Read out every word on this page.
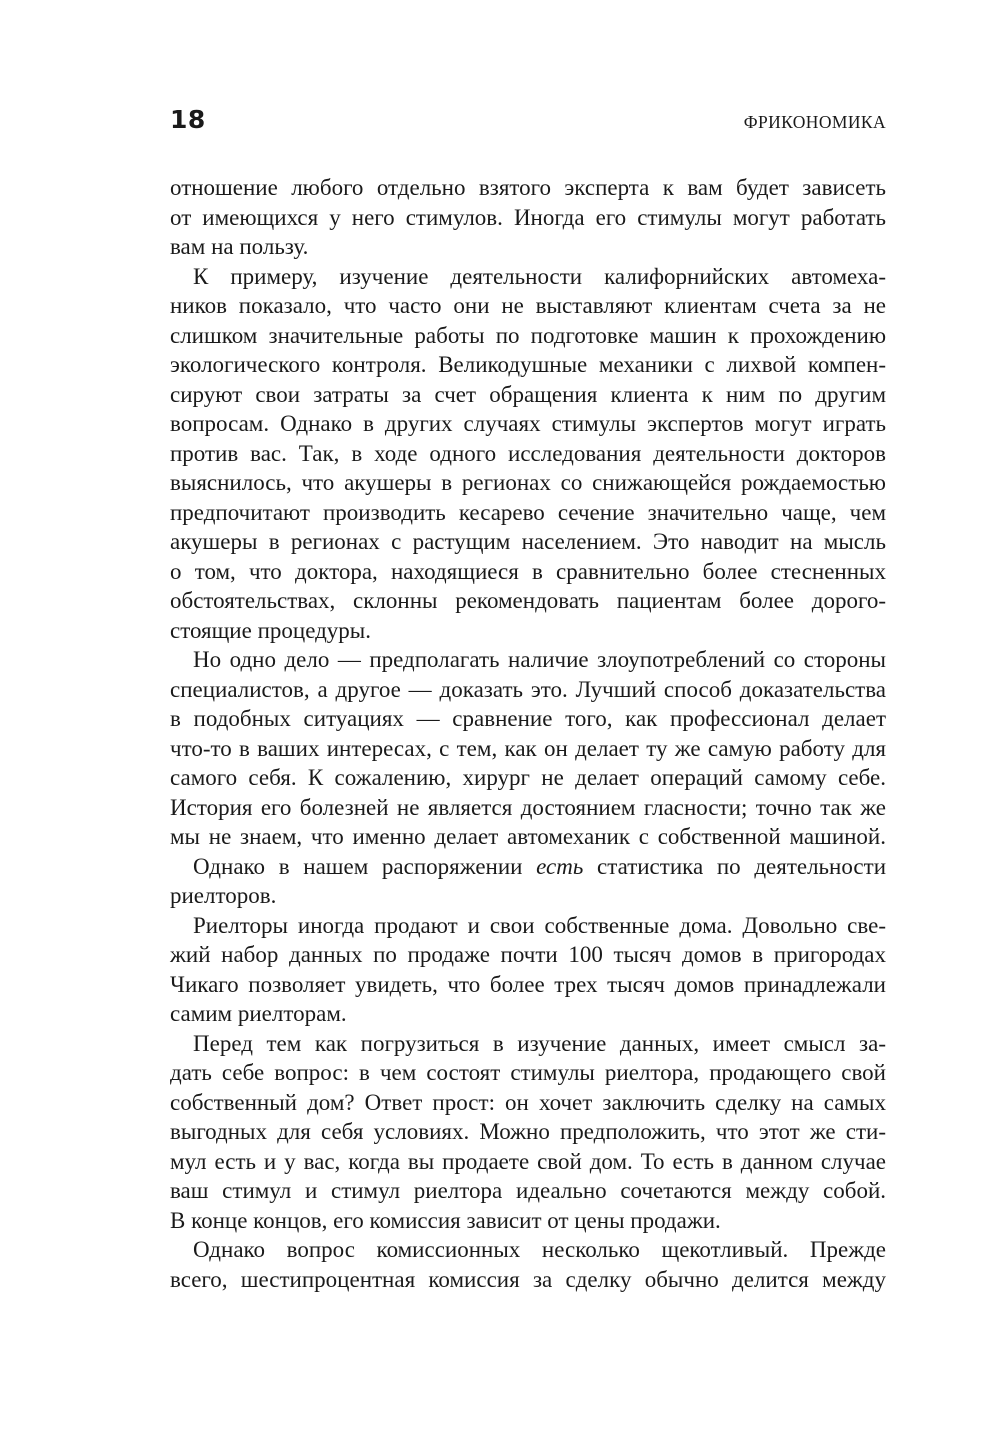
18	ФРИКОНОМИКА

отношение любого отдельно взятого эксперта к вам будет зависеть
от имеющихся у него стимулов. Иногда его стимулы могут работать
вам на пользу.

К примеру, изучение деятельности калифорнийских автомеха-
ников показало, что часто они не выставляют клиентам счета за не
слишком значительные работы по подготовке машин к прохождению
экологического контроля. Великодушные механики с лихвой компен-
сируют свои затраты за счет обращения клиента к ним по другим
вопросам. Однако в других случаях стимулы экспертов могут играть
против вас. Так, в ходе одного исследования деятельности докторов
выяснилось, что акушеры в регионах со снижающейся рождаемостью
предпочитают производить кесарево сечение значительно чаще, чем
акушеры в регионах с растущим населением. Это наводит на мысль
о том, что доктора, находящиеся в сравнительно более стесненных
обстоятельствах, склонны рекомендовать пациентам более дорого-
стоящие процедуры.

Но одно дело — предполагать наличие злоупотреблений со стороны
специалистов, а другое — доказать это. Лучший способ доказательства
в подобных ситуациях — сравнение того, как профессионал делает
что-то в ваших интересах, с тем, как он делает ту же самую работу для
самого себя. К сожалению, хирург не делает операций самому себе.
История его болезней не является достоянием гласности; точно так же
мы не знаем, что именно делает автомеханик с собственной машиной.

Однако в нашем распоряжении есть статистика по деятельности
риелторов.

Риелторы иногда продают и свои собственные дома. Довольно све-
жий набор данных по продаже почти 100 тысяч домов в пригородах
Чикаго позволяет увидеть, что более трех тысяч домов принадлежали
самим риелторам.

Перед тем как погрузиться в изучение данных, имеет смысл за-
дать себе вопрос: в чем состоят стимулы риелтора, продающего свой
собственный дом? Ответ прост: он хочет заключить сделку на самых
выгодных для себя условиях. Можно предположить, что этот же сти-
мул есть и у вас, когда вы продаете свой дом. То есть в данном случае
ваш стимул и стимул риелтора идеально сочетаются между собой.
В конце концов, его комиссия зависит от цены продажи.

Однако вопрос комиссионных несколько щекотливый. Прежде
всего, шестипроцентная комиссия за сделку обычно делится между
